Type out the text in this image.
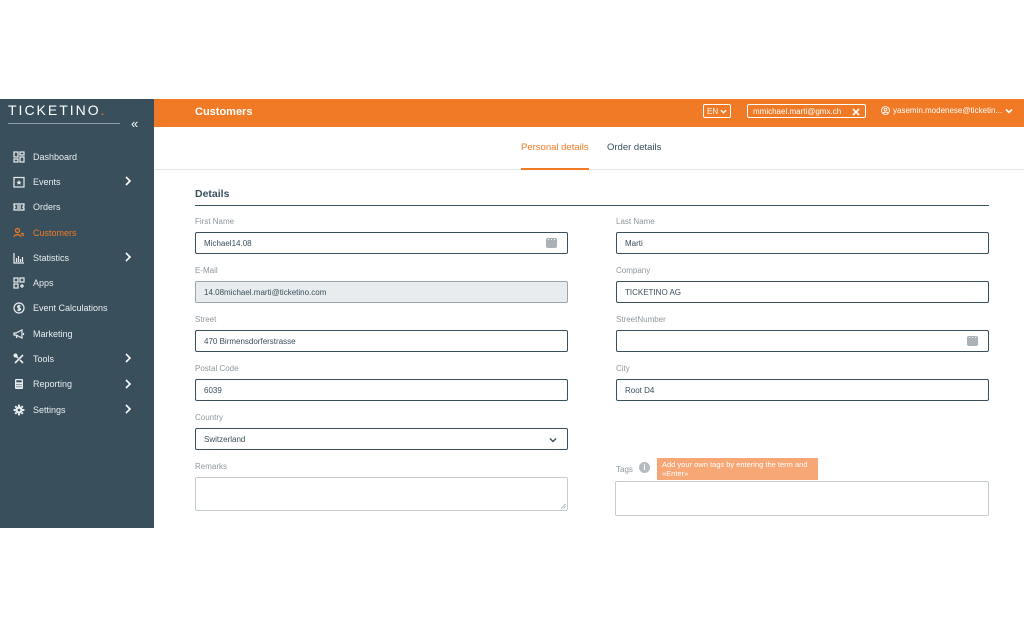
TICKETINO.
«
Dashboard
Events
Orders
Customers
Statistics
Apps
Event Calculations
Marketing
Tools
Reporting
Settings
Customers	EN	mmichael.marti@gmx.ch	yasemin.modenese@ticketin...
Personal details Order details
Details
First Name
Michael14.08
···
Last Name
Marti
E-Mail
14.08michael.marti@ticketino.com
Company
TICKETINO AG
Street
470 Birmensdorferstrasse
StreetNumber
···
Postal Code
6039
City
Root D4
Country
Switzerland
Remarks	Tags	i	Add your own tags by entering the term and «Enter»
